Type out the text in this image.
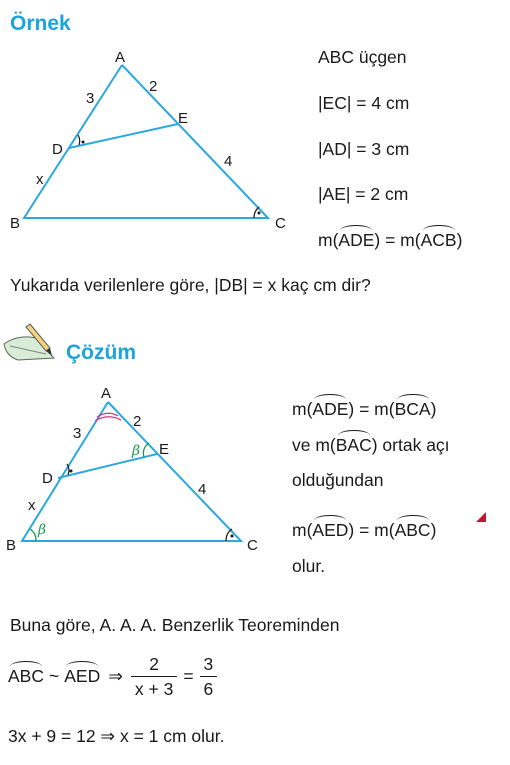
Örnek
A
B	C
D
E
3
2
4
x
ABC üçgen
|EC| = 4 cm
|AD| = 3 cm
|AE| = 2 cm
m(ADE) = m(ACB)
Yukarıda verilenlere göre, |DB| = x kaç cm dir?
Çözüm
A
B	C
D
E
3
2
4
x
β
β
m(ADE) = m(BCA)
ve m(BAC) ortak açı
olduğundan
m(AED) = m(ABC)
olur.
Buna göre, A. A. A. Benzerlik Teoreminden
ABC ~ AED ⇒ $\frac{2}{x + 3} = \frac{3}{6}$
3x + 9 = 12 ⇒ x = 1 cm olur.
